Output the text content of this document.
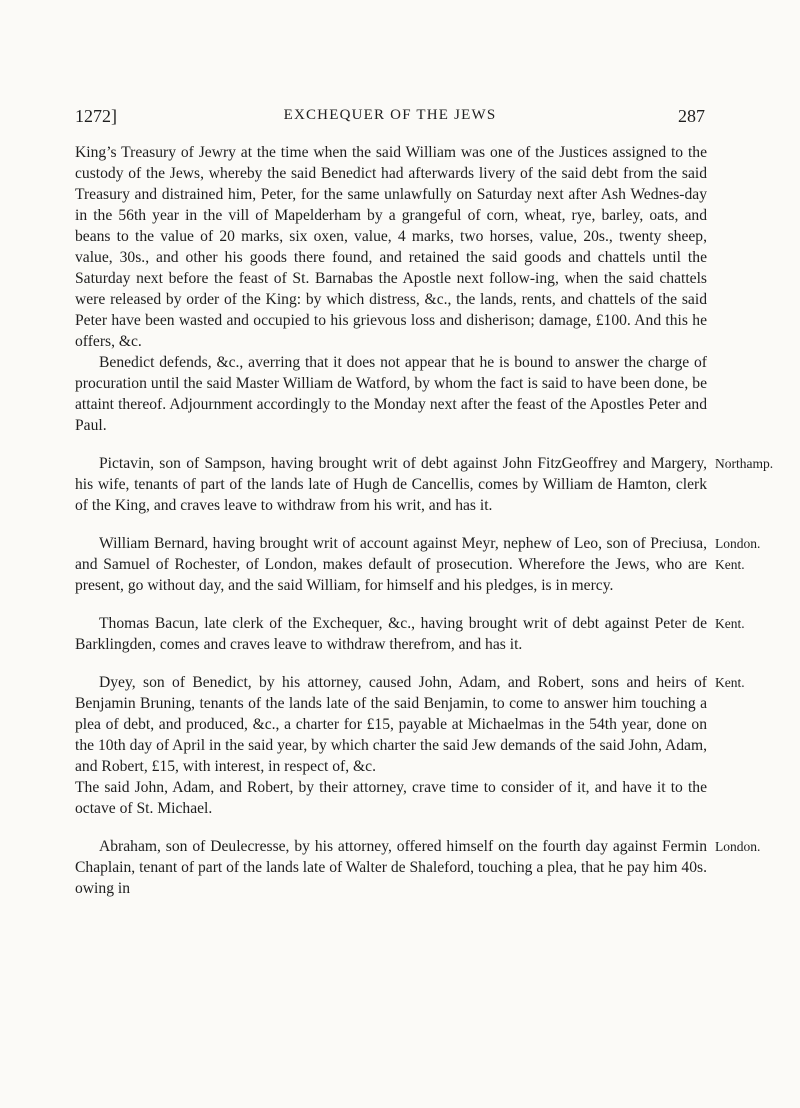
1272]	EXCHEQUER OF THE JEWS	287

King’s Treasury of Jewry at the time when the said William was one of the Justices assigned to the custody of the Jews, whereby the said Benedict had afterwards livery of the said debt from the said Treasury and distrained him, Peter, for the same unlawfully on Saturday next after Ash Wednes-day in the 56th year in the vill of Mapelderham by a grangeful of corn, wheat, rye, barley, oats, and beans to the value of 20 marks, six oxen, value, 4 marks, two horses, value, 20s., twenty sheep, value, 30s., and other his goods there found, and retained the said goods and chattels until the Saturday next before the feast of St. Barnabas the Apostle next follow-ing, when the said chattels were released by order of the King: by which distress, &c., the lands, rents, and chattels of the said Peter have been wasted and occupied to his grievous loss and disherison; damage, £100. And this he offers, &c.

Benedict defends, &c., averring that it does not appear that he is bound to answer the charge of procuration until the said Master William de Watford, by whom the fact is said to have been done, be attaint thereof. Adjournment accordingly to the Monday next after the feast of the Apostles Peter and Paul.

Northamp.

Pictavin, son of Sampson, having brought writ of debt against John FitzGeoffrey and Margery, his wife, tenants of part of the lands late of Hugh de Cancellis, comes by William de Hamton, clerk of the King, and craves leave to withdraw from his writ, and has it.

London.
Kent.

William Bernard, having brought writ of account against Meyr, nephew of Leo, son of Preciusa, and Samuel of Rochester, of London, makes default of prosecution. Wherefore the Jews, who are present, go without day, and the said William, for himself and his pledges, is in mercy.

Kent.

Thomas Bacun, late clerk of the Exchequer, &c., having brought writ of debt against Peter de Barklingden, comes and craves leave to withdraw therefrom, and has it.

Kent.

Dyey, son of Benedict, by his attorney, caused John, Adam, and Robert, sons and heirs of Benjamin Bruning, tenants of the lands late of the said Benjamin, to come to answer him touching a plea of debt, and produced, &c., a charter for £15, payable at Michaelmas in the 54th year, done on the 10th day of April in the said year, by which charter the said Jew demands of the said John, Adam, and Robert, £15, with interest, in respect of, &c.

The said John, Adam, and Robert, by their attorney, crave time to consider of it, and have it to the octave of St. Michael.

London.

Abraham, son of Deulecresse, by his attorney, offered himself on the fourth day against Fermin Chaplain, tenant of part of the lands late of Walter de Shaleford, touching a plea, that he pay him 40s. owing in
